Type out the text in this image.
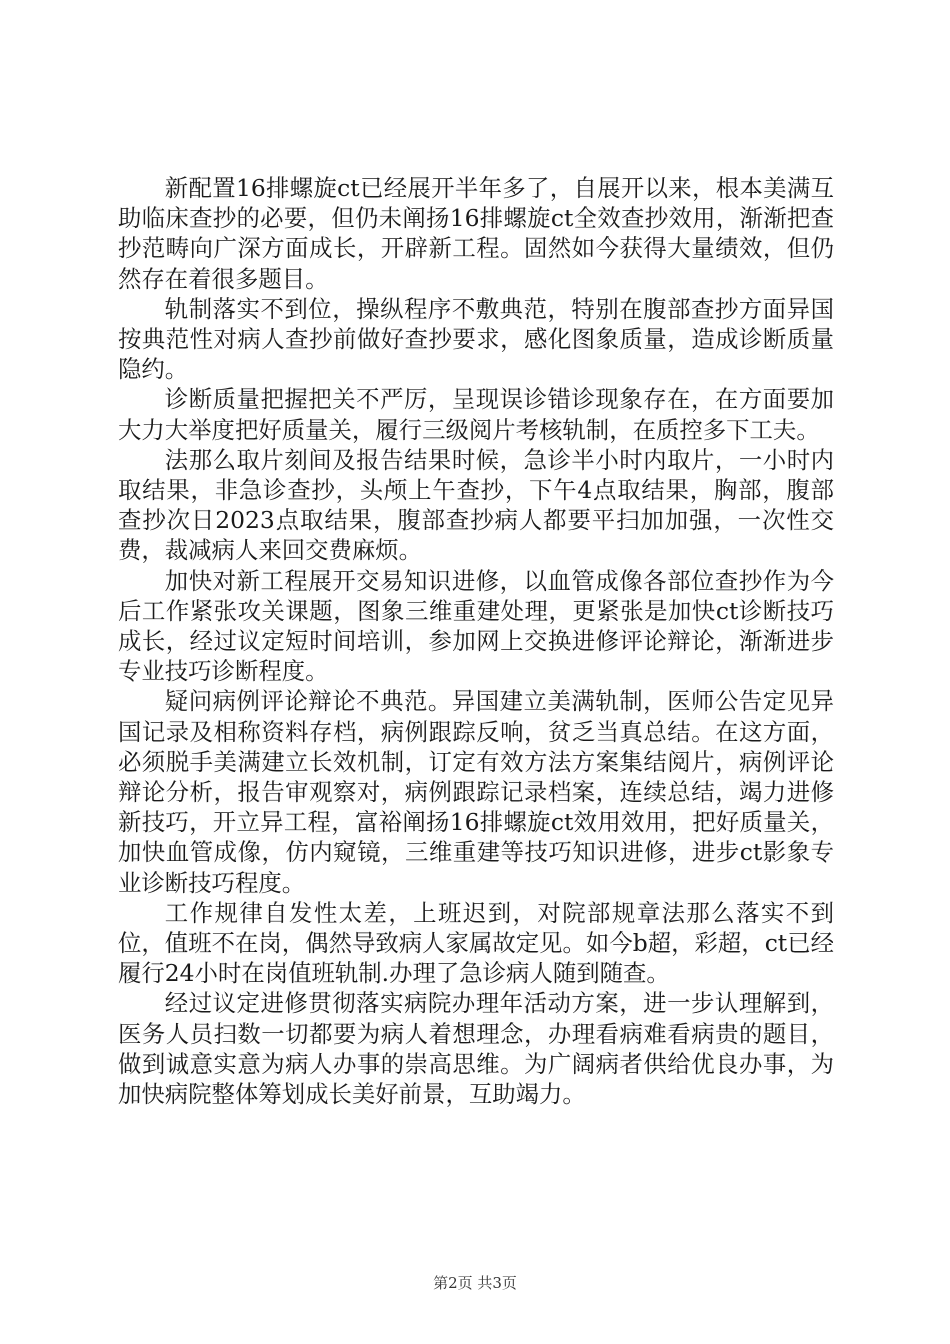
新配置16排螺旋ct已经展开半年多了，自展开以来，根本美满互助临床查抄的必要，但仍未阐扬16排螺旋ct全效查抄效用，渐渐把查抄范畴向广深方面成长，开辟新工程。固然如今获得大量绩效，但仍然存在着很多题目。

轨制落实不到位，操纵程序不敷典范，特别在腹部查抄方面异国按典范性对病人查抄前做好查抄要求，感化图象质量，造成诊断质量隐约。

诊断质量把握把关不严厉，呈现误诊错诊现象存在，在方面要加大力大举度把好质量关，履行三级阅片考核轨制，在质控多下工夫。

法那么取片刻间及报告结果时候，急诊半小时内取片，一小时内取结果，非急诊查抄，头颅上午查抄，下午4点取结果，胸部，腹部查抄次日2023点取结果，腹部查抄病人都要平扫加加强，一次性交费，裁减病人来回交费麻烦。

加快对新工程展开交易知识进修，以血管成像各部位查抄作为今后工作紧张攻关课题，图象三维重建处理，更紧张是加快ct诊断技巧成长，经过议定短时间培训，参加网上交换进修评论辩论，渐渐进步专业技巧诊断程度。

疑问病例评论辩论不典范。异国建立美满轨制，医师公告定见异国记录及相称资料存档，病例跟踪反响，贫乏当真总结。在这方面，必须脱手美满建立长效机制，订定有效方法方案集结阅片，病例评论辩论分析，报告审观察对，病例跟踪记录档案，连续总结，竭力进修新技巧，开立异工程，富裕阐扬16排螺旋ct效用效用，把好质量关，加快血管成像，仿内窥镜，三维重建等技巧知识进修，进步ct影象专业诊断技巧程度。

工作规律自发性太差，上班迟到，对院部规章法那么落实不到位，值班不在岗，偶然导致病人家属故定见。如今b超，彩超，ct已经履行24小时在岗值班轨制.办理了急诊病人随到随查。

经过议定进修贯彻落实病院办理年活动方案，进一步认理解到，医务人员扫数一切都要为病人着想理念，办理看病难看病贵的题目，做到诚意实意为病人办事的崇高思维。为广阔病者供给优良办事，为加快病院整体筹划成长美好前景，互助竭力。

第2页 共3页
